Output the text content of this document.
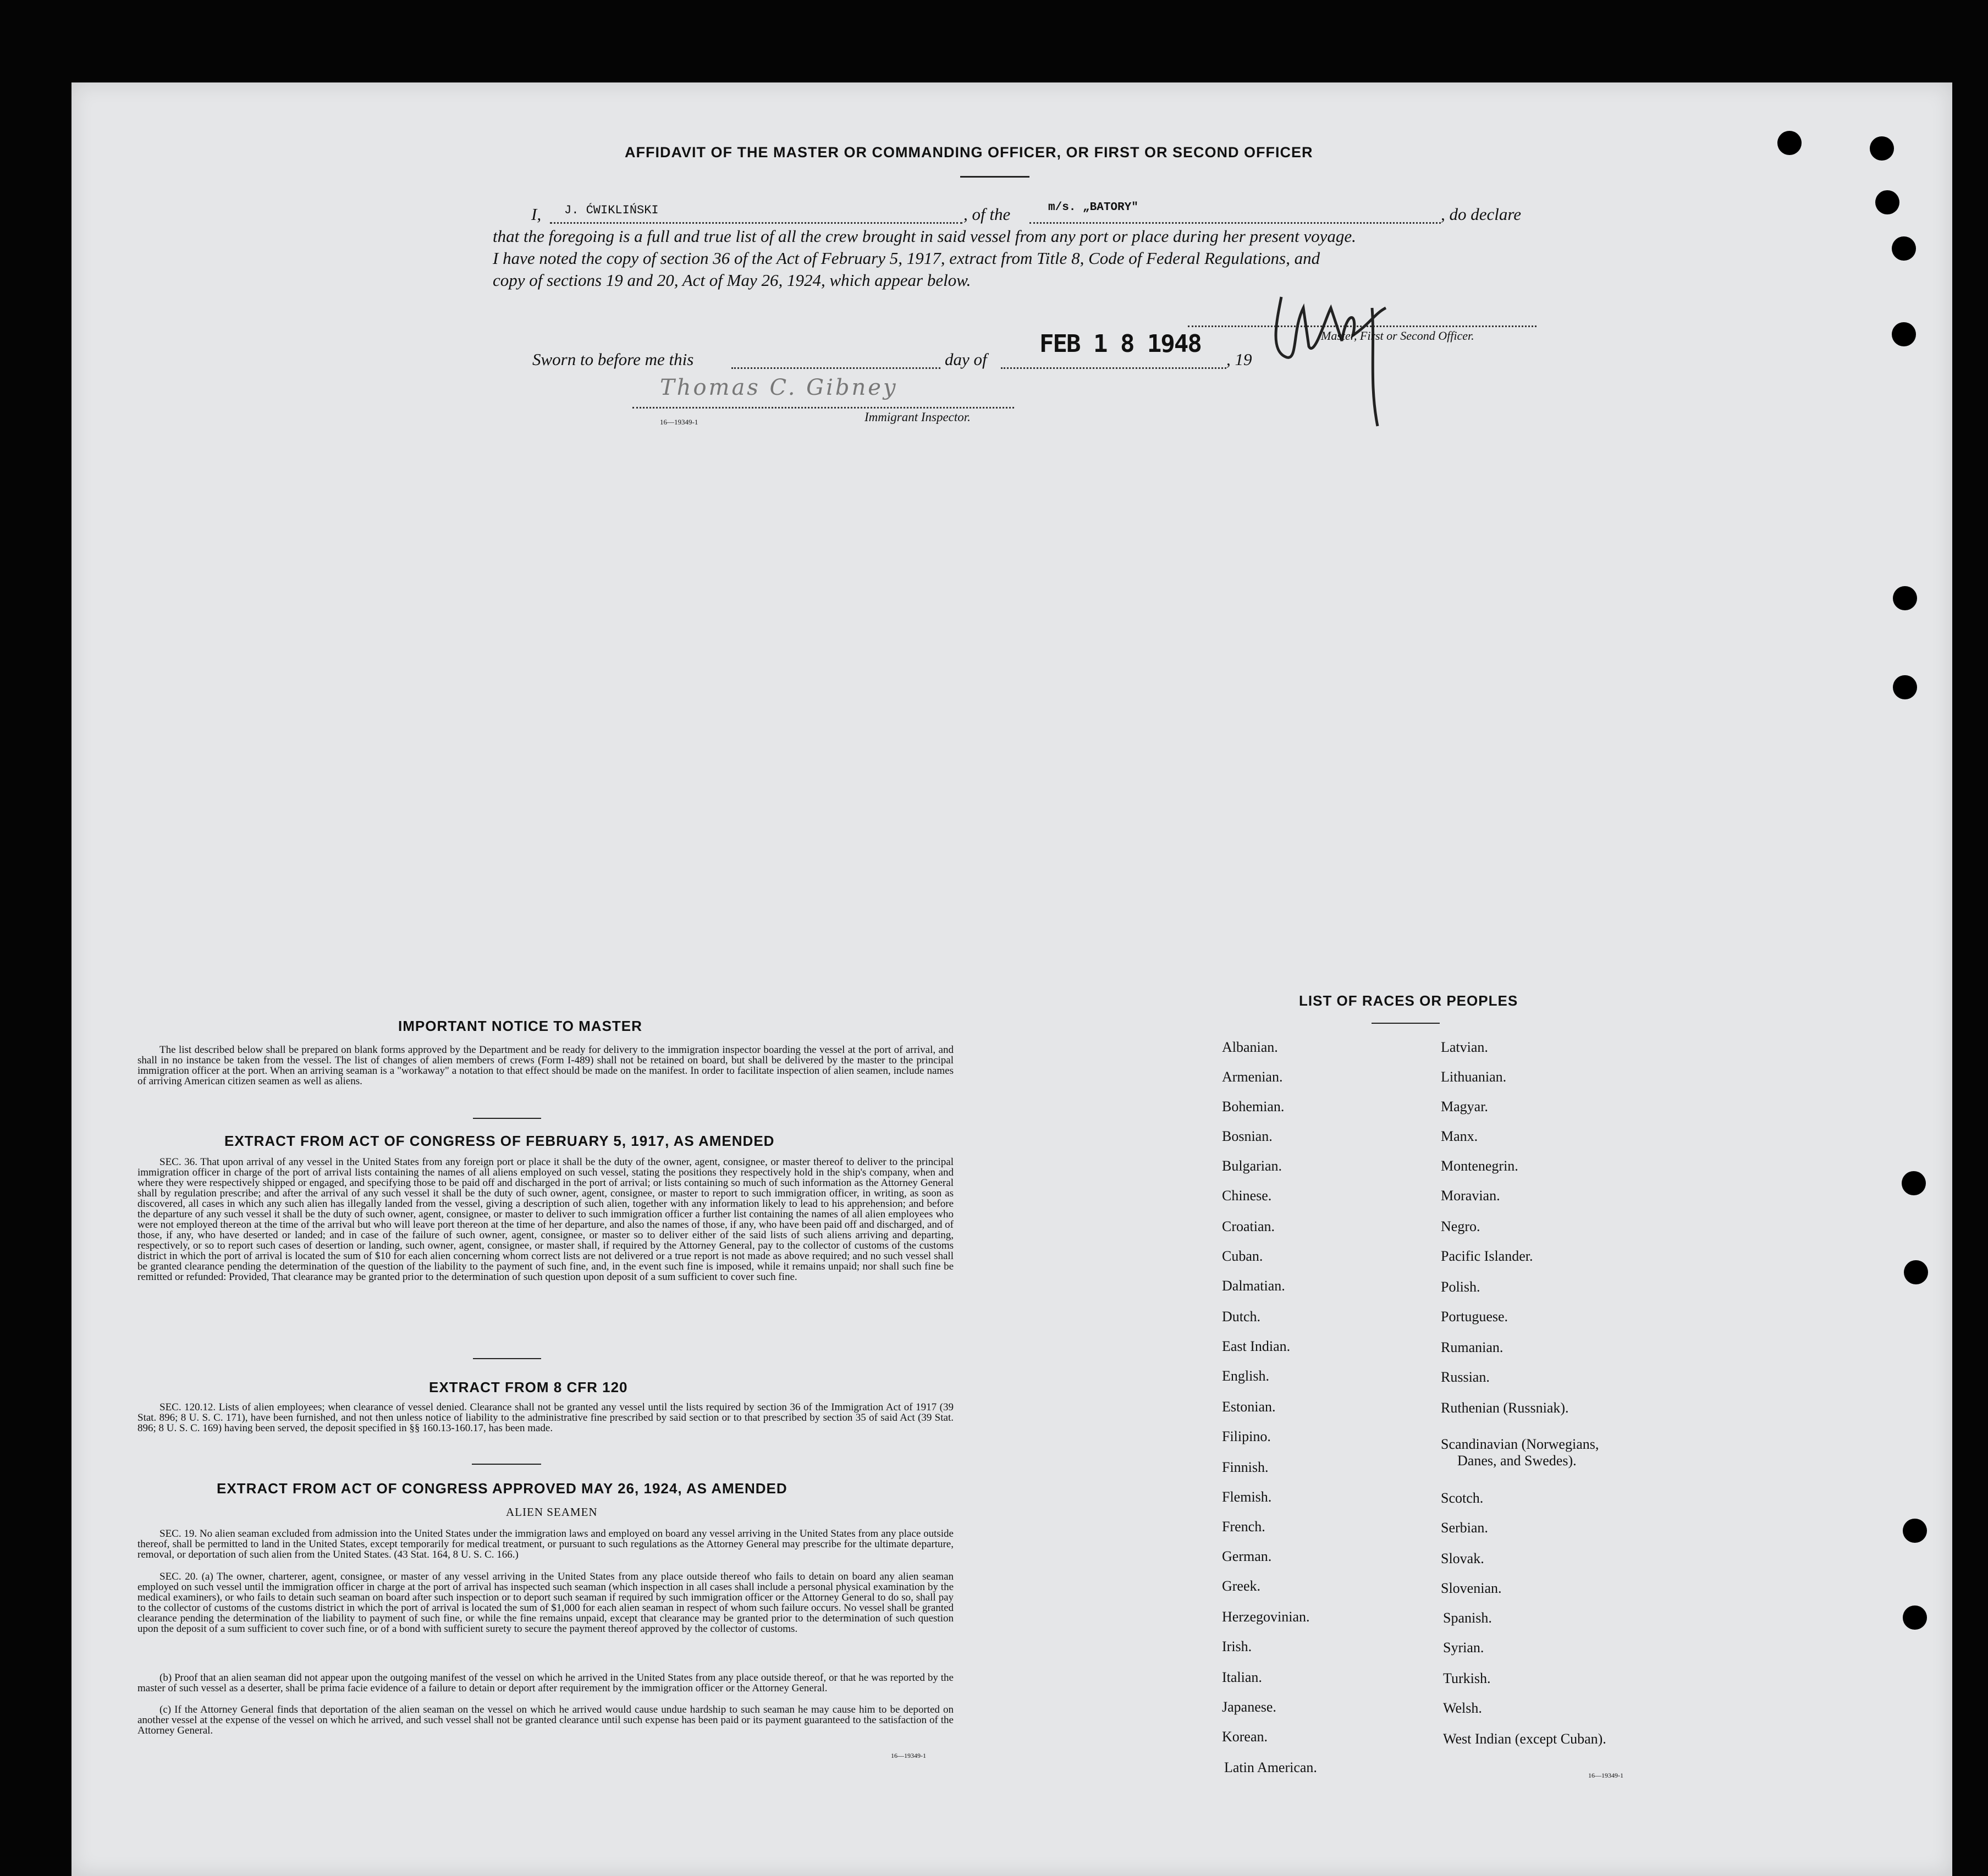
AFFIDAVIT OF THE MASTER OR COMMANDING OFFICER, OR FIRST OR SECOND OFFICER
I, J. ĆWIKLIŃSKI	, of the	m/s. „BATORY"	, do declare
that the foregoing is a full and true list of all the crew brought in said vessel from any port or place during her present voyage.
I have noted the copy of section 36 of the Act of February 5, 1917, extract from Title 8, Code of Federal Regulations, and
copy of sections 19 and 20, Act of May 26, 1924, which appear below.
Master, First or Second Officer.
Sworn to before me this	day of
FEB 1 8 1948
, 19
Thomas C. Gibney
Immigrant Inspector.
16—19349-1
IMPORTANT NOTICE TO MASTER
The list described below shall be prepared on blank forms approved by the Department and be ready for delivery to the immigration inspector boarding the vessel at the port of arrival, and shall in no instance be taken from the vessel. The list of changes of alien members of crews (Form I-489) shall not be retained on board, but shall be delivered by the master to the principal immigration officer at the port. When an arriving seaman is a "workaway" a notation to that effect should be made on the manifest. In order to facilitate inspection of alien seamen, include names of arriving American citizen seamen as well as aliens.
EXTRACT FROM ACT OF CONGRESS OF FEBRUARY 5, 1917, AS AMENDED
SEC. 36. That upon arrival of any vessel in the United States from any foreign port or place it shall be the duty of the owner, agent, consignee, or master thereof to deliver to the principal immigration officer in charge of the port of arrival lists containing the names of all aliens employed on such vessel, stating the positions they respectively hold in the ship's company, when and where they were respectively shipped or engaged, and specifying those to be paid off and discharged in the port of arrival; or lists containing so much of such information as the Attorney General shall by regulation prescribe; and after the arrival of any such vessel it shall be the duty of such owner, agent, consignee, or master to report to such immigration officer, in writing, as soon as discovered, all cases in which any such alien has illegally landed from the vessel, giving a description of such alien, together with any information likely to lead to his apprehension; and before the departure of any such vessel it shall be the duty of such owner, agent, consignee, or master to deliver to such immigration officer a further list containing the names of all alien employees who were not employed thereon at the time of the arrival but who will leave port thereon at the time of her departure, and also the names of those, if any, who have been paid off and discharged, and of those, if any, who have deserted or landed; and in case of the failure of such owner, agent, consignee, or master so to deliver either of the said lists of such aliens arriving and departing, respectively, or so to report such cases of desertion or landing, such owner, agent, consignee, or master shall, if required by the Attorney General, pay to the collector of customs of the customs district in which the port of arrival is located the sum of $10 for each alien concerning whom correct lists are not delivered or a true report is not made as above required; and no such vessel shall be granted clearance pending the determination of the question of the liability to the payment of such fine, and, in the event such fine is imposed, while it remains unpaid; nor shall such fine be remitted or refunded: Provided, That clearance may be granted prior to the determination of such question upon deposit of a sum sufficient to cover such fine.
EXTRACT FROM 8 CFR 120
SEC. 120.12. Lists of alien employees; when clearance of vessel denied. Clearance shall not be granted any vessel until the lists required by section 36 of the Immigration Act of 1917 (39 Stat. 896; 8 U. S. C. 171), have been furnished, and not then unless notice of liability to the administrative fine prescribed by said section or to that prescribed by section 35 of said Act (39 Stat. 896; 8 U. S. C. 169) having been served, the deposit specified in §§ 160.13-160.17, has been made.
EXTRACT FROM ACT OF CONGRESS APPROVED MAY 26, 1924, AS AMENDED
ALIEN SEAMEN
SEC. 19. No alien seaman excluded from admission into the United States under the immigration laws and employed on board any vessel arriving in the United States from any place outside thereof, shall be permitted to land in the United States, except temporarily for medical treatment, or pursuant to such regulations as the Attorney General may prescribe for the ultimate departure, removal, or deportation of such alien from the United States. (43 Stat. 164, 8 U. S. C. 166.)
SEC. 20. (a) The owner, charterer, agent, consignee, or master of any vessel arriving in the United States from any place outside thereof who fails to detain on board any alien seaman employed on such vessel until the immigration officer in charge at the port of arrival has inspected such seaman (which inspection in all cases shall include a personal physical examination by the medical examiners), or who fails to detain such seaman on board after such inspection or to deport such seaman if required by such immigration officer or the Attorney General to do so, shall pay to the collector of customs of the customs district in which the port of arrival is located the sum of $1,000 for each alien seaman in respect of whom such failure occurs. No vessel shall be granted clearance pending the determination of the liability to payment of such fine, or while the fine remains unpaid, except that clearance may be granted prior to the determination of such question upon the deposit of a sum sufficient to cover such fine, or of a bond with sufficient surety to secure the payment thereof approved by the collector of customs.
(b) Proof that an alien seaman did not appear upon the outgoing manifest of the vessel on which he arrived in the United States from any place outside thereof, or that he was reported by the master of such vessel as a deserter, shall be prima facie evidence of a failure to detain or deport after requirement by the immigration officer or the Attorney General.
(c) If the Attorney General finds that deportation of the alien seaman on the vessel on which he arrived would cause undue hardship to such seaman he may cause him to be deported on another vessel at the expense of the vessel on which he arrived, and such vessel shall not be granted clearance until such expense has been paid or its payment guaranteed to the satisfaction of the Attorney General.
16—19349-1
LIST OF RACES OR PEOPLES
Albanian.
Armenian.
Bohemian.
Bosnian.
Bulgarian.
Chinese.
Croatian.
Cuban.
Dalmatian.
Dutch.
East Indian.
English.
Estonian.
Filipino.
Finnish.
Flemish.
French.
German.
Greek.
Herzegovinian.
Irish.
Italian.
Japanese.
Korean.
Latin American.
Latvian.
Lithuanian.
Magyar.
Manx.
Montenegrin.
Moravian.
Negro.
Pacific Islander.
Polish.
Portuguese.
Rumanian.
Russian.
Ruthenian (Russniak).
Scandinavian (Norwegians,
Danes, and Swedes).
Scotch.
Serbian.
Slovak.
Slovenian.
Spanish.
Syrian.
Turkish.
Welsh.
West Indian (except Cuban).
16—19349-1
